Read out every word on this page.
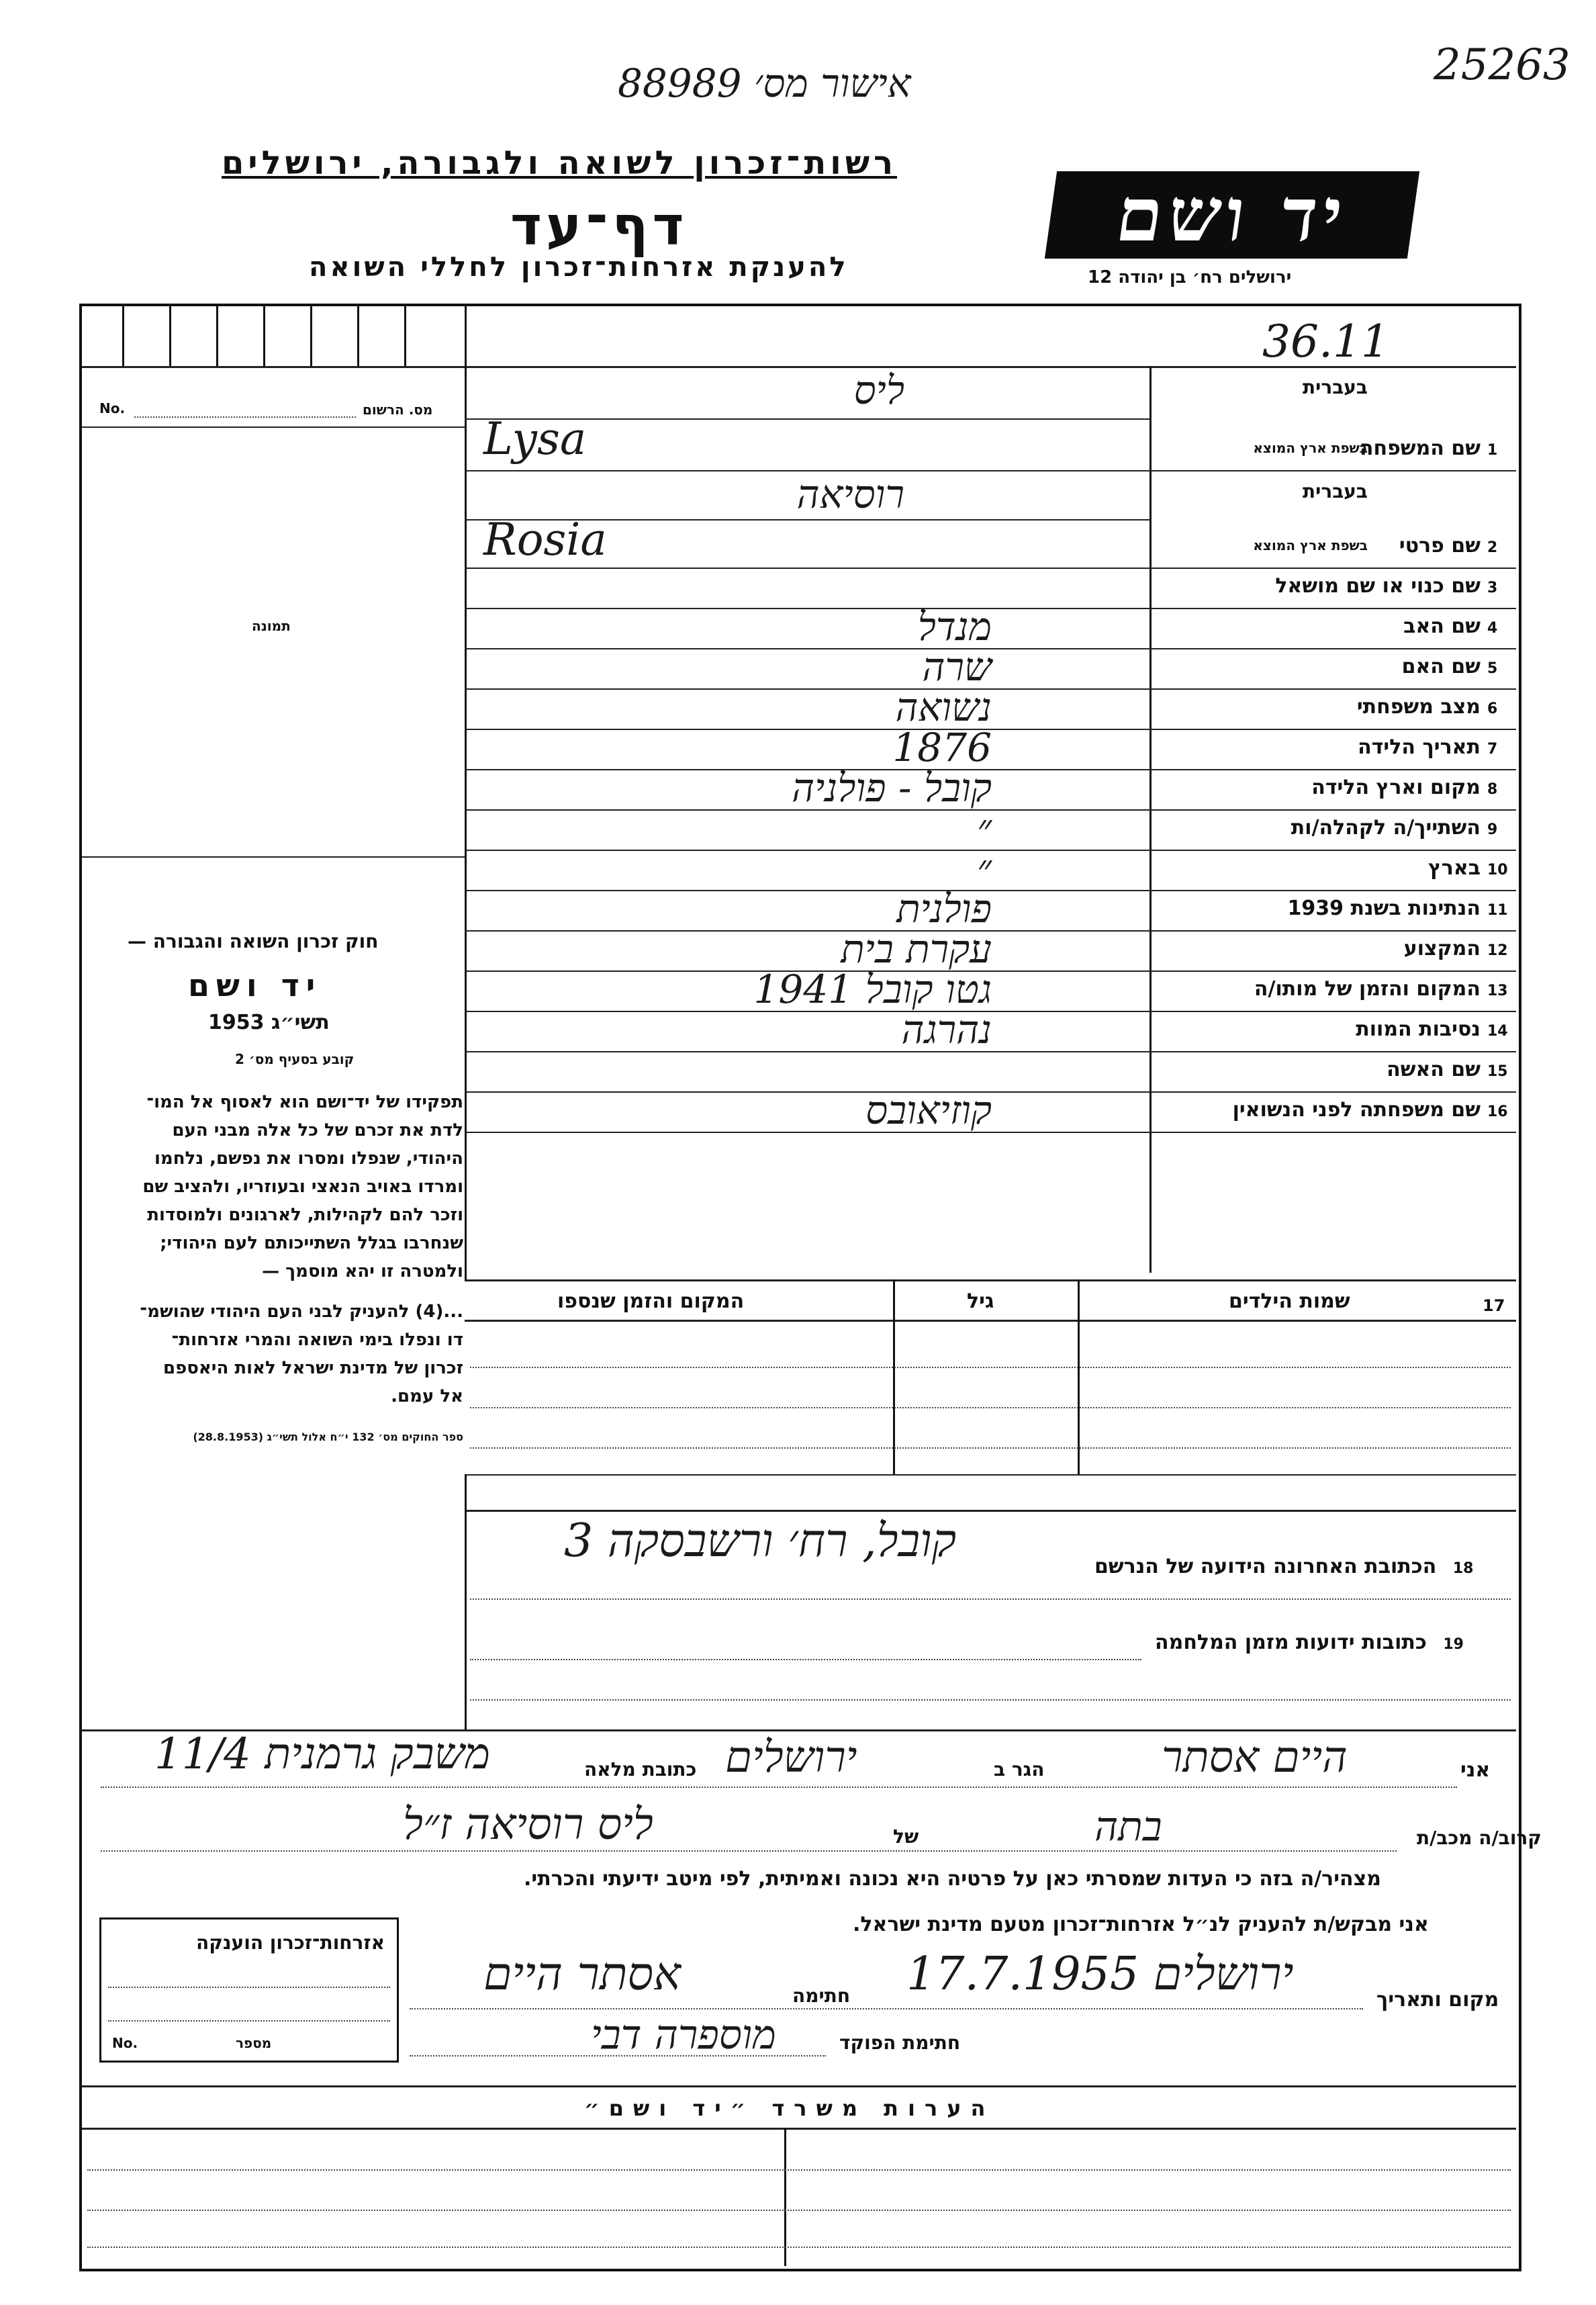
25263
אישור מס׳ 88989
רשות־זכרון לשואה ולגבורה, ירושלים
דף־עד
להענקת אזרחות־זכרון לחללי השואה
יד ושם
ירושלים רח׳ בן יהודה 12
36.11
מס. הרשום
No.
תמונה
חוק זכרון השואה והגבורה —
יד ושם
תשי״ג 1953
קובע בסעיף מס׳ 2
תפקידו של יד־ושם הוא לאסוף אל המו־
לדת את זכרם של כל אלה מבני העם
היהודי, שנפלו ומסרו את נפשם, נלחמו
ומרדו באויב הנאצי ובעוזריו, ולהציב שם
וזכר להם לקהילות, לארגונים ולמוסדות
שנחרבו בגלל השתייכותם לעם היהודי;
ולמטרה זו יהא מוסמך —
...(4) להעניק לבני העם היהודי שהושמ־
דו ונפלו בימי השואה והמרי אזרחות־
זכרון של מדינת ישראל לאות היאספם
אל עמם.
ספר החוקים מס׳ 132 י״ח אלול תשי״ג (28.8.1953)
1
שם המשפחה
בעברית
בשפת ארץ המוצא
ליס
Lysa
2
שם פרטי
בעברית
בשפת ארץ המוצא
רוסיאה
Rosia
3
שם כנוי או שם מושאל
4
שם האב
מנדל
5
שם האם
שרה
6
מצב משפחתי
נשואה
7
תאריך הלידה
1876
8
מקום וארץ הלידה
קובל - פולניה
9
השתייך/ה לקהלה/ות
״
10
בארץ
״
11
הנתינות בשנת 1939
פולנית
12
המקצוע
עקרת בית
13
המקום והזמן של מותו/ה
גטו קובל 1941
14
נסיבות המוות
נהרגה
15
שם האשה
16
שם משפחתה לפני הנשואין
קוזיאובס
17
שמות הילדים
גיל
המקום והזמן שנספו
18 הכתובת האחרונה הידועה של הנרשם
קובל, רח׳ ורשבסקה 3
19 כתובות ידועות מזמן המלחמה
אני
היים אסתר
הגר ב
ירושלים
כתובת מלאה
משבק גרמנית 11/4
קרוב/ה מכב/ת
בתה
של
ליס רוסיאה ז״ל
מצהיר/ה בזה כי העדות שמסרתי כאן על פרטיה היא נכונה ואמיתית, לפי מיטב ידיעתי והכרתי.
אני מבקש/ת להעניק לנ״ל אזרחות־זכרון מטעם מדינת ישראל.
אזרחות־זכרון הוענקה
No.	מספר
מקום ותאריך
ירושלים 17.7.1955
חתימה
אסתר היים
חתימת הפוקד
מוספרה דבי
הערות משרד ״יד ושם״
